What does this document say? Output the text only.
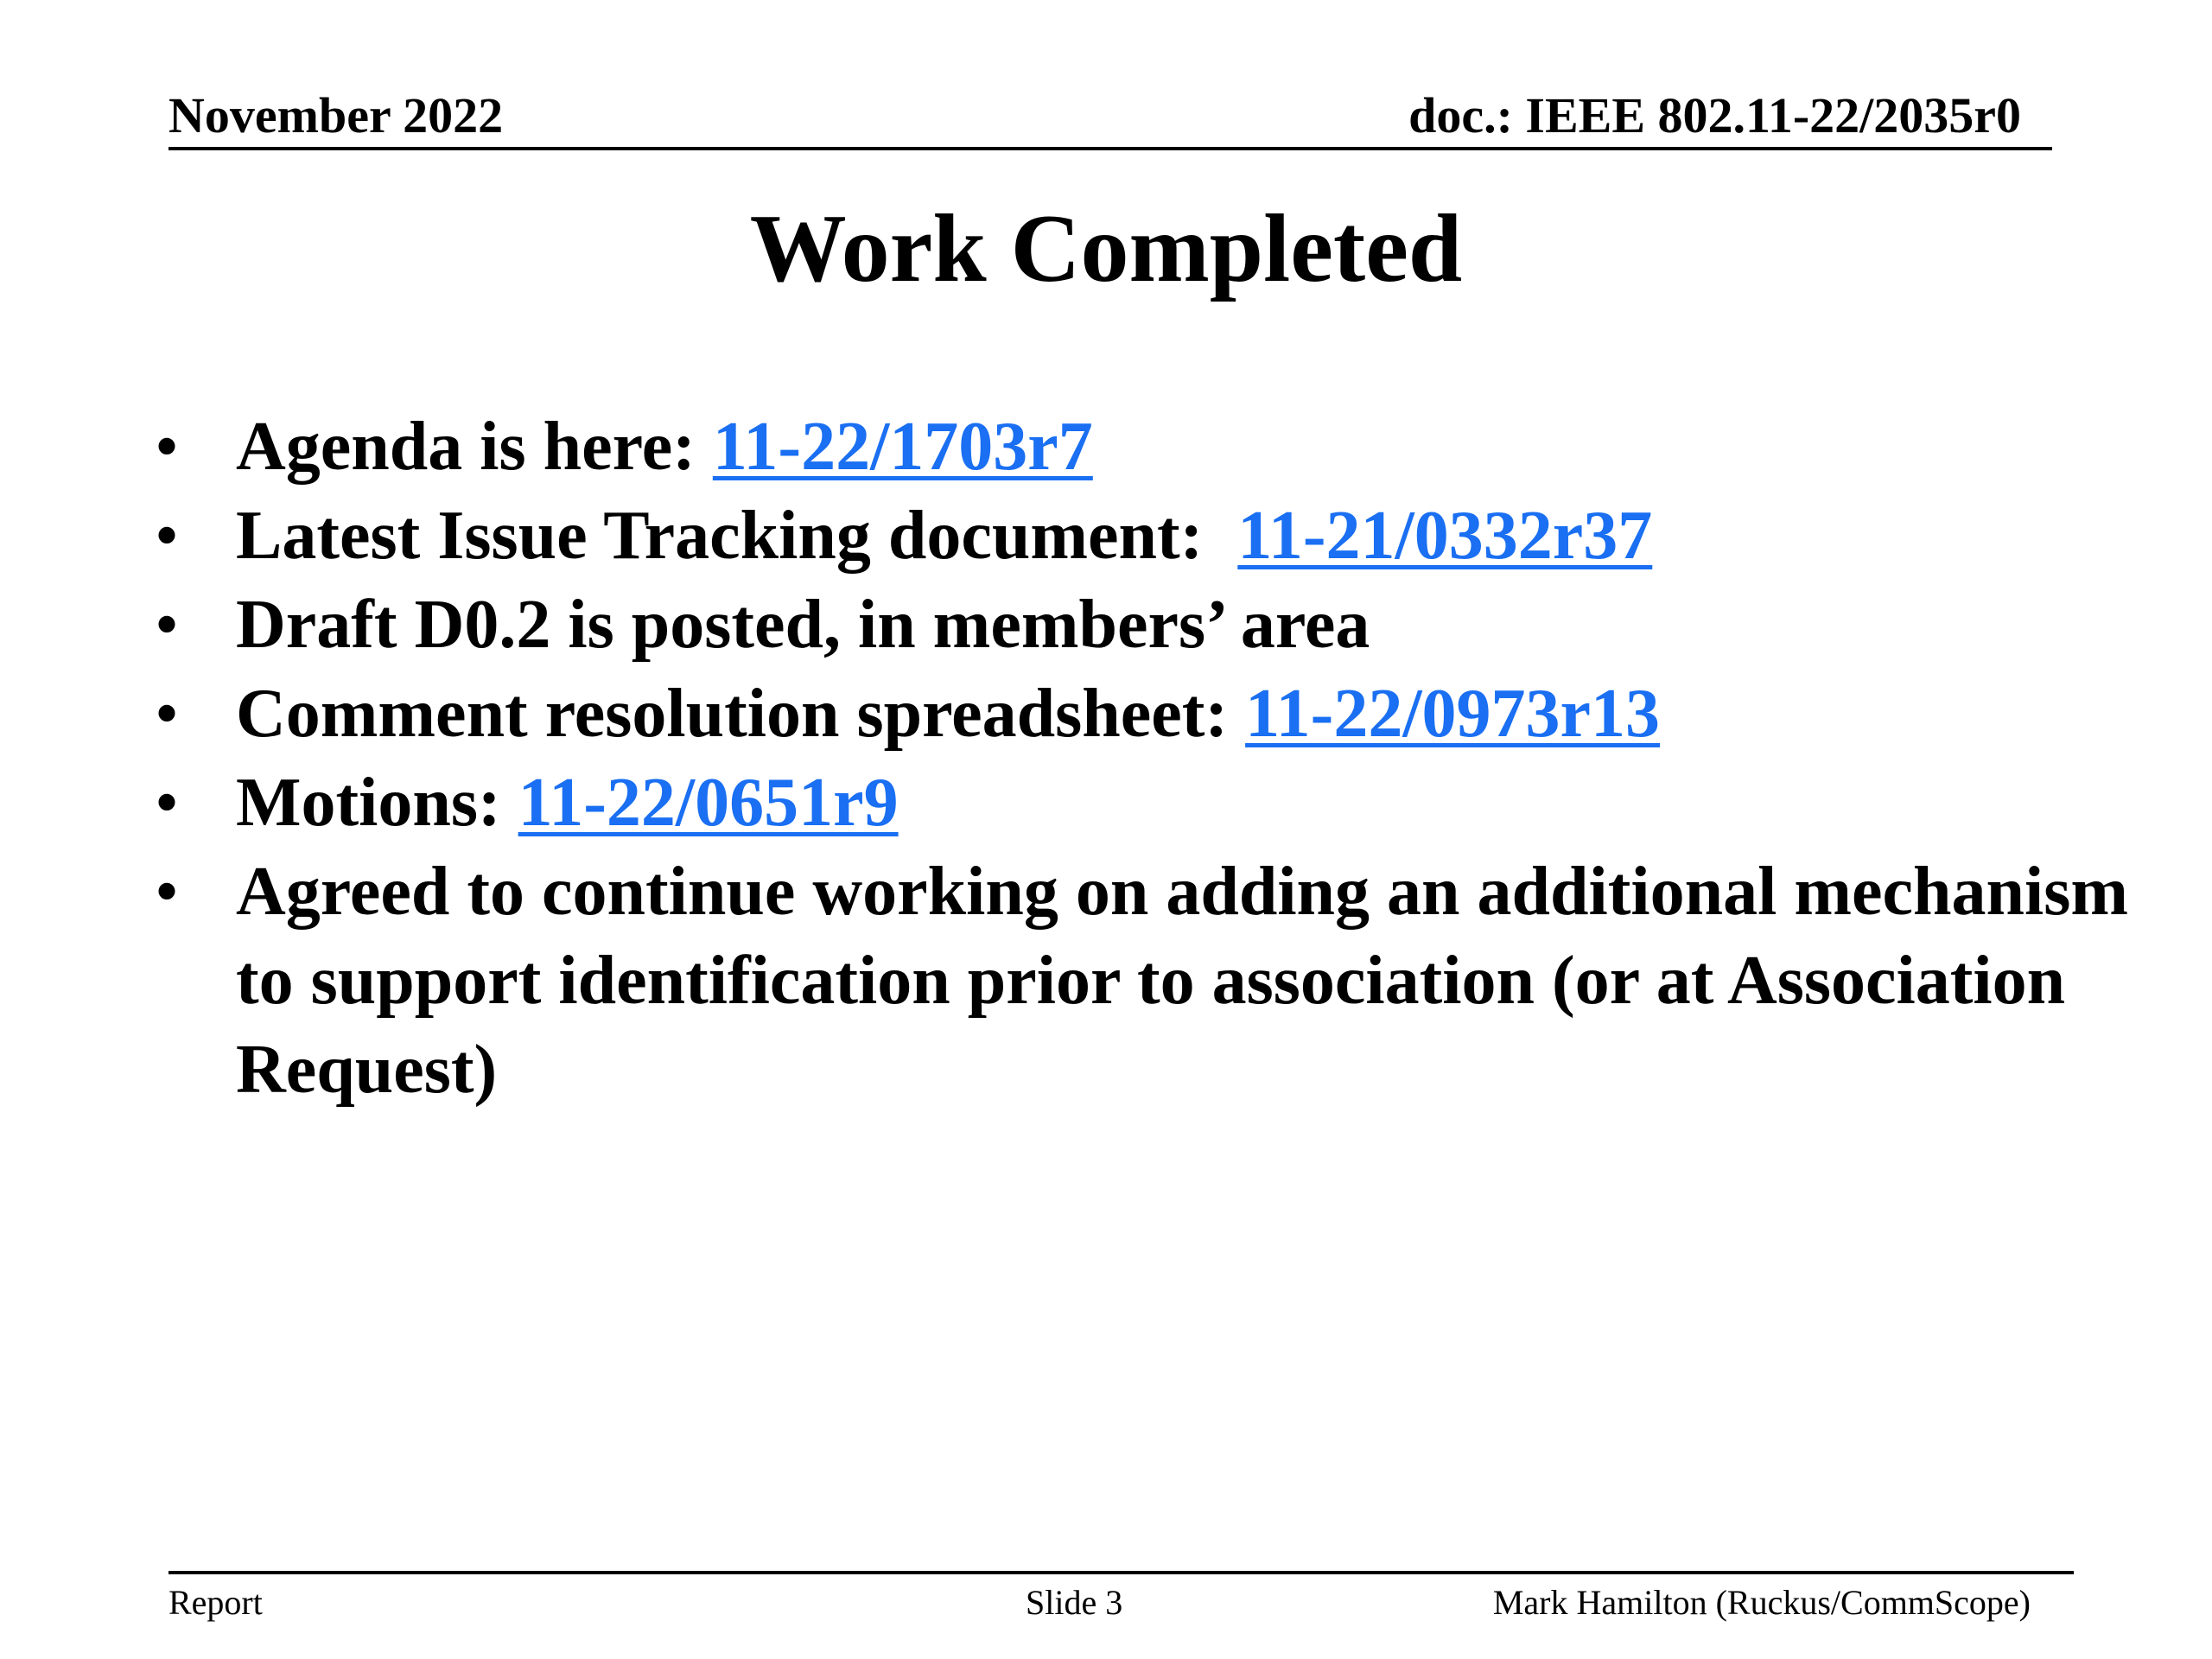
November 2022	doc.: IEEE 802.11-22/2035r0
Work Completed
• Agenda is here: 11-22/1703r7
• Latest Issue Tracking document: 11-21/0332r37
• Draft D0.2 is posted, in members’ area
• Comment resolution spreadsheet: 11-22/0973r13
• Motions: 11-22/0651r9
• Agreed to continue working on adding an additional mechanism to support identification prior to association (or at Association Request)
Report	Slide 3	Mark Hamilton (Ruckus/CommScope)
